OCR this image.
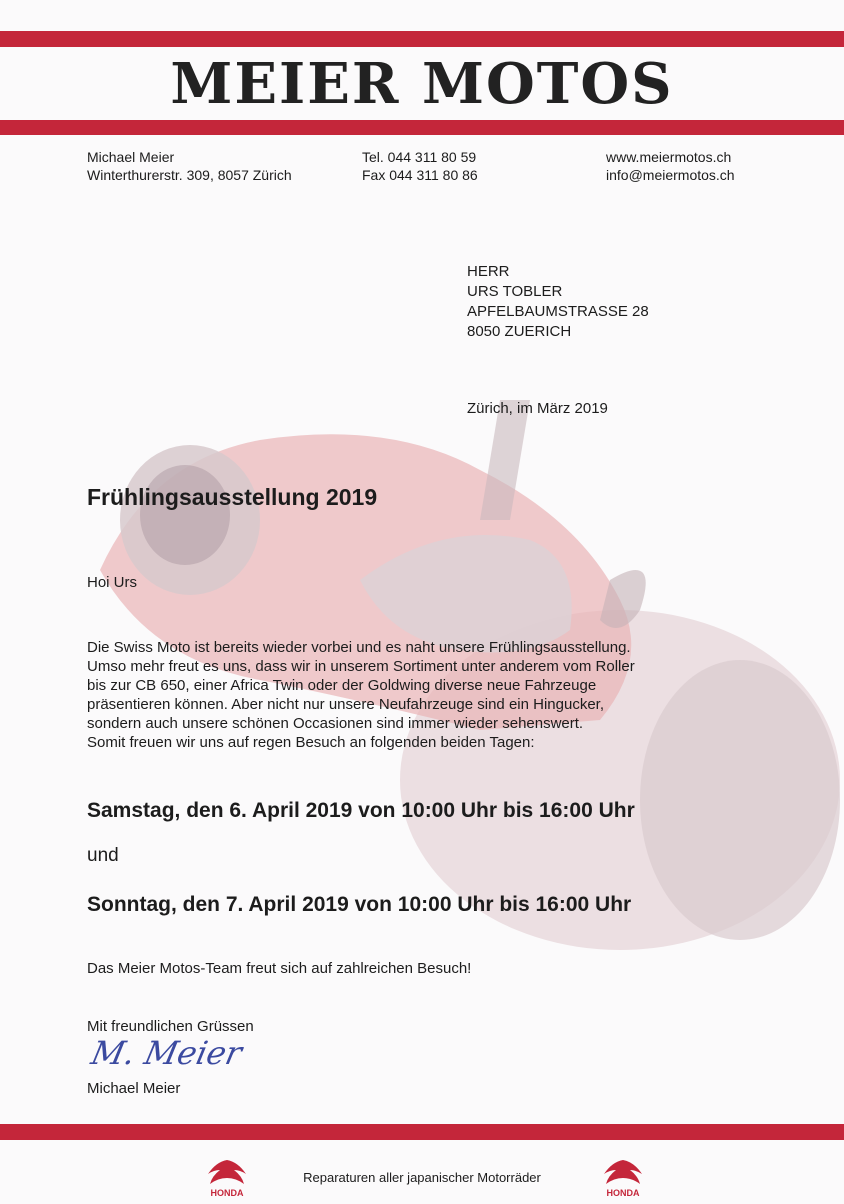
MEIER MOTOS
Michael Meier
Winterthurerstr. 309, 8057 Zürich
Tel. 044 311 80 59
Fax 044 311 80 86
www.meiermotos.ch
info@meiermotos.ch
HERR
URS TOBLER
APFELBAUMSTRASSE 28
8050 ZUERICH
Zürich, im März 2019
Frühlingsausstellung 2019
Hoi Urs
Die Swiss Moto ist bereits wieder vorbei und es naht unsere Frühlingsausstellung.
Umso mehr freut es uns, dass wir in unserem Sortiment unter anderem vom Roller
bis zur CB 650, einer Africa Twin oder der Goldwing diverse neue Fahrzeuge
präsentieren können. Aber nicht nur unsere Neufahrzeuge sind ein Hingucker,
sondern auch unsere schönen Occasionen sind immer wieder sehenswert.
Somit freuen wir uns auf regen Besuch an folgenden beiden Tagen:
Samstag, den 6. April 2019 von 10:00 Uhr bis 16:00 Uhr
und
Sonntag, den 7. April 2019 von 10:00 Uhr bis 16:00 Uhr
Das Meier Motos-Team freut sich auf zahlreichen Besuch!
Mit freundlichen Grüssen
M. Meier
Michael Meier
HONDA
Reparaturen aller japanischer Motorräder
HONDA
